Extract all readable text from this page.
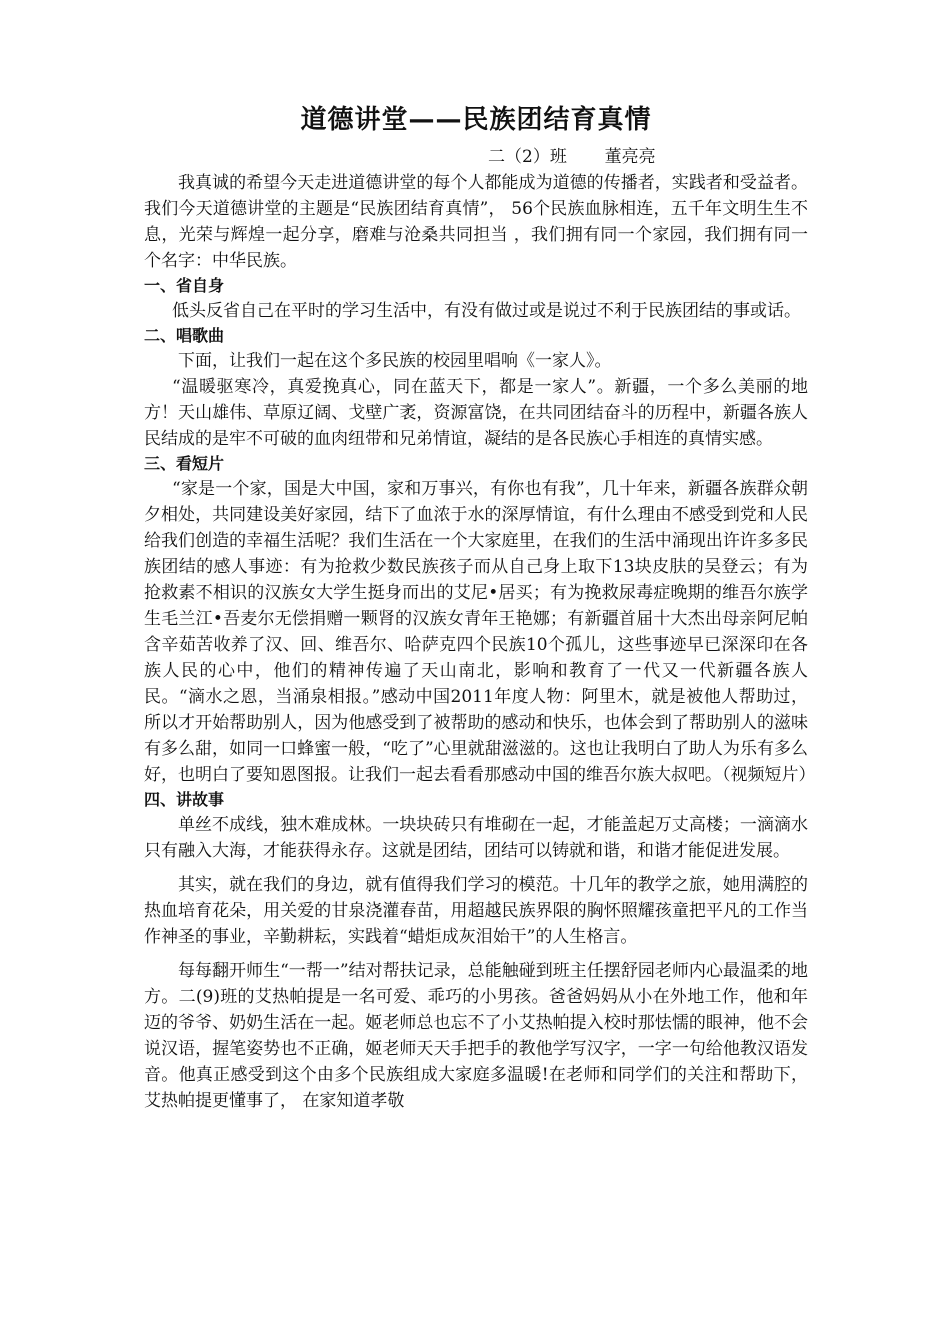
道德讲堂——民族团结育真情
二（2）班       董亮亮

我真诚的希望今天走进道德讲堂的每个人都能成为道德的传播者，实践者和受益者。我们今天道德讲堂的主题是“民族团结育真情”， 56个民族血脉相连，五千年文明生生不息，光荣与辉煌一起分享，磨难与沧桑共同担当 ，我们拥有同一个家园，我们拥有同一个名字：中华民族。

一、省自身

低头反省自己在平时的学习生活中，有没有做过或是说过不利于民族团结的事或话。

二、唱歌曲

下面，让我们一起在这个多民族的校园里唱响《一家人》。

“温暖驱寒冷，真爱挽真心，同在蓝天下，都是一家人”。新疆，一个多么美丽的地方！天山雄伟、草原辽阔、戈壁广袤，资源富饶，在共同团结奋斗的历程中，新疆各族人民结成的是牢不可破的血肉纽带和兄弟情谊，凝结的是各民族心手相连的真情实感。

三、看短片

“家是一个家，国是大中国，家和万事兴，有你也有我”，几十年来，新疆各族群众朝夕相处，共同建设美好家园，结下了血浓于水的深厚情谊，有什么理由不感受到党和人民给我们创造的幸福生活呢？我们生活在一个大家庭里，在我们的生活中涌现出许许多多民族团结的感人事迹：有为抢救少数民族孩子而从自己身上取下13块皮肤的吴登云；有为抢救素不相识的汉族女大学生挺身而出的艾尼•居买；有为挽救尿毒症晚期的维吾尔族学生毛兰江•吾麦尔无偿捐赠一颗肾的汉族女青年王艳娜；有新疆首届十大杰出母亲阿尼帕含辛茹苦收养了汉、回、维吾尔、哈萨克四个民族10个孤儿，这些事迹早已深深印在各族人民的心中，他们的精神传遍了天山南北，影响和教育了一代又一代新疆各族人民。“滴水之恩，当涌泉相报。”感动中国2011年度人物：阿里木，就是被他人帮助过，所以才开始帮助别人，因为他感受到了被帮助的感动和快乐，也体会到了帮助别人的滋味有多么甜，如同一口蜂蜜一般，“吃了”心里就甜滋滋的。这也让我明白了助人为乐有多么好，也明白了要知恩图报。让我们一起去看看那感动中国的维吾尔族大叔吧。（视频短片）

四、讲故事

单丝不成线，独木难成林。一块块砖只有堆砌在一起，才能盖起万丈高楼；一滴滴水只有融入大海，才能获得永存。这就是团结，团结可以铸就和谐，和谐才能促进发展。

其实，就在我们的身边，就有值得我们学习的模范。十几年的教学之旅，她用满腔的热血培育花朵，用关爱的甘泉浇灌春苗，用超越民族界限的胸怀照耀孩童把平凡的工作当作神圣的事业，辛勤耕耘，实践着“蜡炬成灰泪始干”的人生格言。

每每翻开师生“一帮一”结对帮扶记录，总能触碰到班主任摆舒园老师内心最温柔的地方。二(9)班的艾热帕提是一名可爱、乖巧的小男孩。爸爸妈妈从小在外地工作，他和年迈的爷爷、奶奶生活在一起。姬老师总也忘不了小艾热帕提入校时那怯懦的眼神，他不会说汉语，握笔姿势也不正确，姬老师天天手把手的教他学写汉字，一字一句给他教汉语发音。他真正感受到这个由多个民族组成大家庭多温暖!在老师和同学们的关注和帮助下， 艾热帕提更懂事了， 在家知道孝敬
